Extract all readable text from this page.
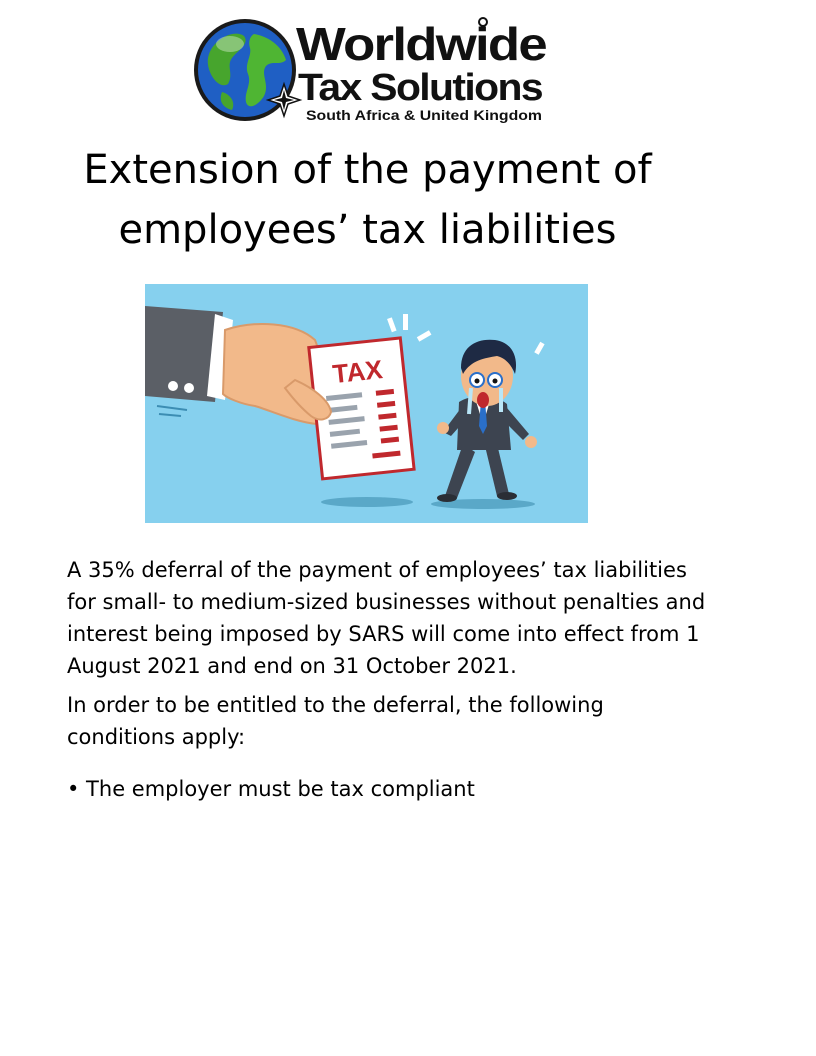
Worldwide
Tax Solutions
South Africa & United Kingdom
Extension of the payment of
employees’ tax liabilities
TAX

A 35% deferral of the payment of employees’ tax liabilities for small- to medium-sized businesses without penalties and interest being imposed by SARS will come into effect from 1 August 2021 and end on 31 October 2021.

In order to be entitled to the deferral, the following conditions apply:

• The employer must be tax compliant
